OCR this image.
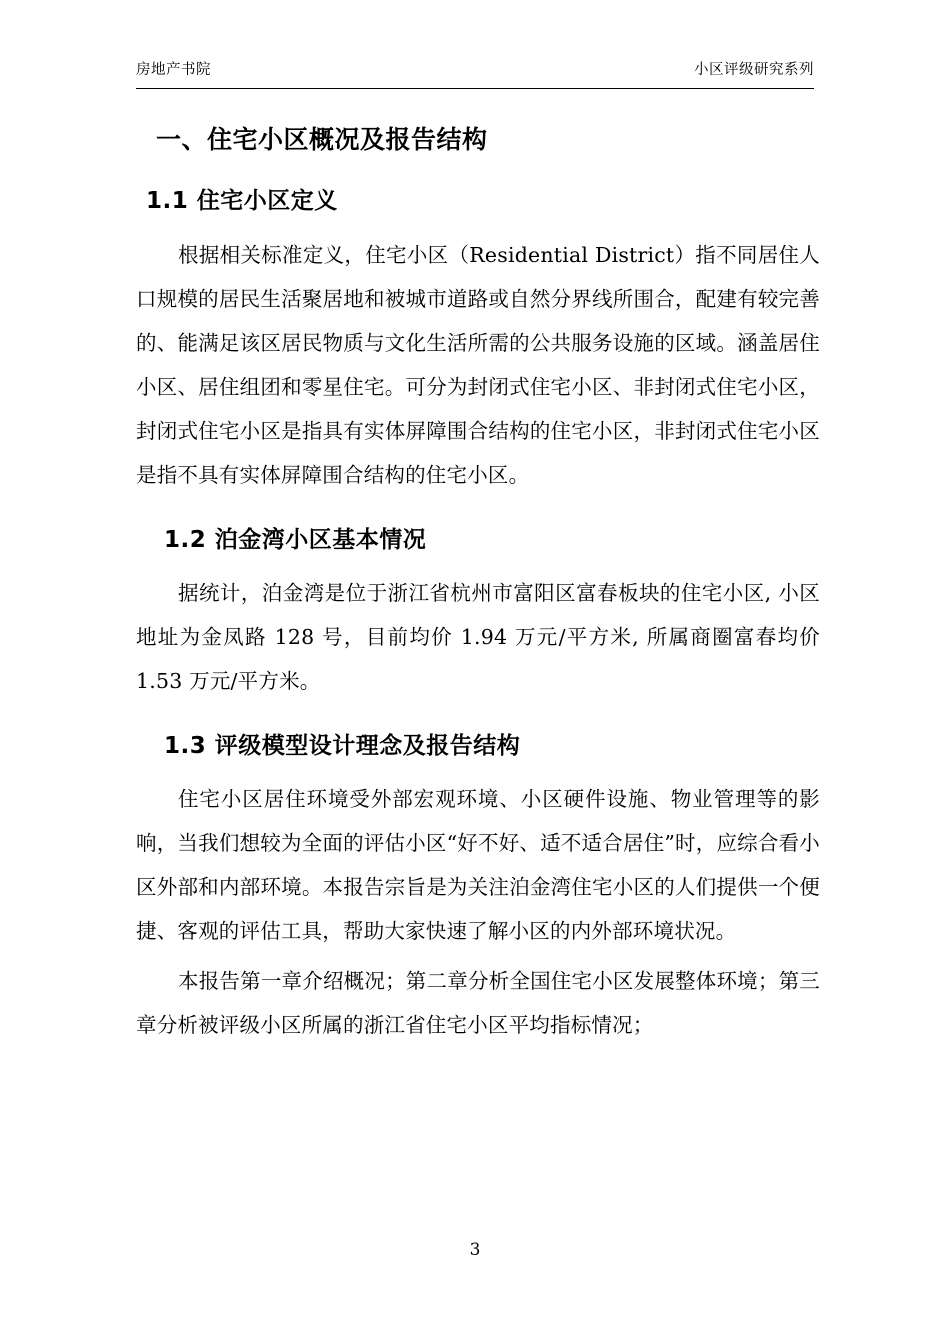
房地产书院	小区评级研究系列
一、住宅小区概况及报告结构
1.1 住宅小区定义

根据相关标准定义，住宅小区（Residential District）指不同居住人口规模的居民生活聚居地和被城市道路或自然分界线所围合，配建有较完善的、能满足该区居民物质与文化生活所需的公共服务设施的区域。涵盖居住小区、居住组团和零星住宅。可分为封闭式住宅小区、非封闭式住宅小区，封闭式住宅小区是指具有实体屏障围合结构的住宅小区，非封闭式住宅小区是指不具有实体屏障围合结构的住宅小区。

1.2 泊金湾小区基本情况

据统计，泊金湾是位于浙江省杭州市富阳区富春板块的住宅小区, 小区地址为金凤路 128 号，目前均价 1.94 万元/平方米, 所属商圈富春均价 1.53 万元/平方米。

1.3 评级模型设计理念及报告结构

住宅小区居住环境受外部宏观环境、小区硬件设施、物业管理等的影响，当我们想较为全面的评估小区“好不好、适不适合居住”时，应综合看小区外部和内部环境。本报告宗旨是为关注泊金湾住宅小区的人们提供一个便捷、客观的评估工具，帮助大家快速了解小区的内外部环境状况。

本报告第一章介绍概况；第二章分析全国住宅小区发展整体环境；第三章分析被评级小区所属的浙江省住宅小区平均指标情况；

3
